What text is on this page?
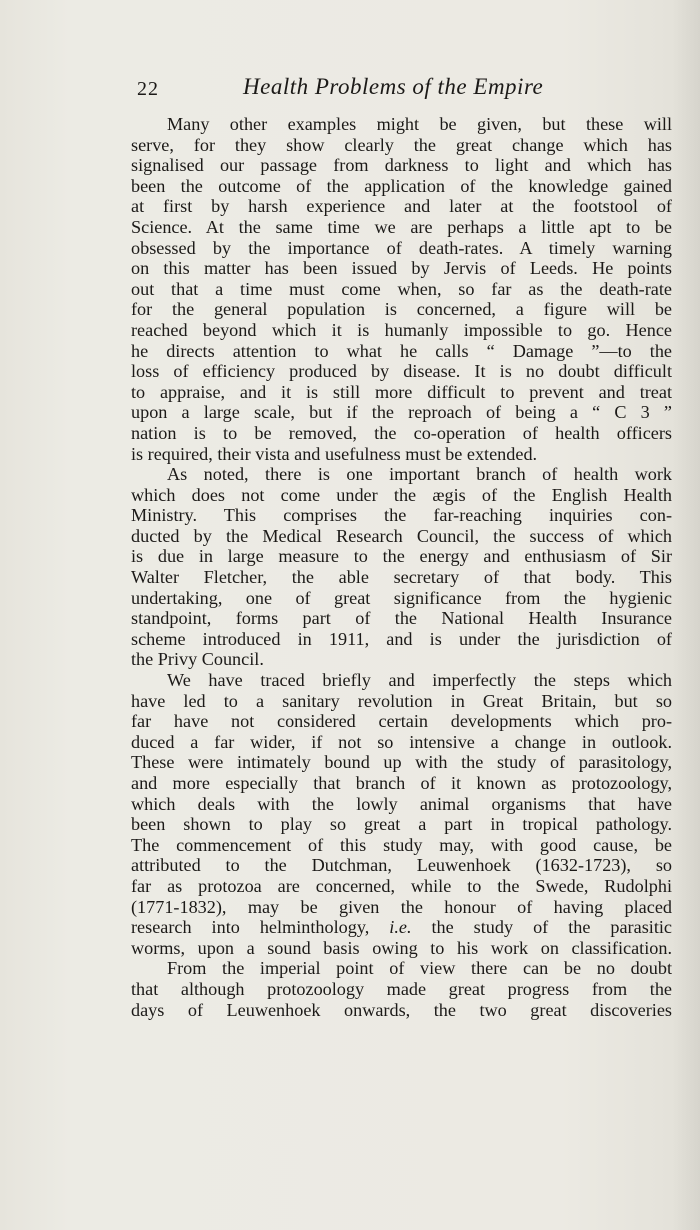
22	Health Problems of the Empire
Many other examples might be given, but these will
serve, for they show clearly the great change which has
signalised our passage from darkness to light and which has
been the outcome of the application of the knowledge gained
at first by harsh experience and later at the footstool of
Science. At the same time we are perhaps a little apt to be
obsessed by the importance of death-rates. A timely warning
on this matter has been issued by Jervis of Leeds. He points
out that a time must come when, so far as the death-rate
for the general population is concerned, a figure will be
reached beyond which it is humanly impossible to go. Hence
he directs attention to what he calls “ Damage ”—to the
loss of efficiency produced by disease. It is no doubt difficult
to appraise, and it is still more difficult to prevent and treat
upon a large scale, but if the reproach of being a “ C 3 ”
nation is to be removed, the co-operation of health officers
is required, their vista and usefulness must be extended.
As noted, there is one important branch of health work
which does not come under the ægis of the English Health
Ministry. This comprises the far-reaching inquiries con-
ducted by the Medical Research Council, the success of which
is due in large measure to the energy and enthusiasm of Sir
Walter Fletcher, the able secretary of that body. This
undertaking, one of great significance from the hygienic
standpoint, forms part of the National Health Insurance
scheme introduced in 1911, and is under the jurisdiction of
the Privy Council.
We have traced briefly and imperfectly the steps which
have led to a sanitary revolution in Great Britain, but so
far have not considered certain developments which pro-
duced a far wider, if not so intensive a change in outlook.
These were intimately bound up with the study of parasitology,
and more especially that branch of it known as protozoology,
which deals with the lowly animal organisms that have
been shown to play so great a part in tropical pathology.
The commencement of this study may, with good cause, be
attributed to the Dutchman, Leuwenhoek (1632-1723), so
far as protozoa are concerned, while to the Swede, Rudolphi
(1771-1832), may be given the honour of having placed
research into helminthology, i.e. the study of the parasitic
worms, upon a sound basis owing to his work on classification.
From the imperial point of view there can be no doubt
that although protozoology made great progress from the
days of Leuwenhoek onwards, the two great discoveries
